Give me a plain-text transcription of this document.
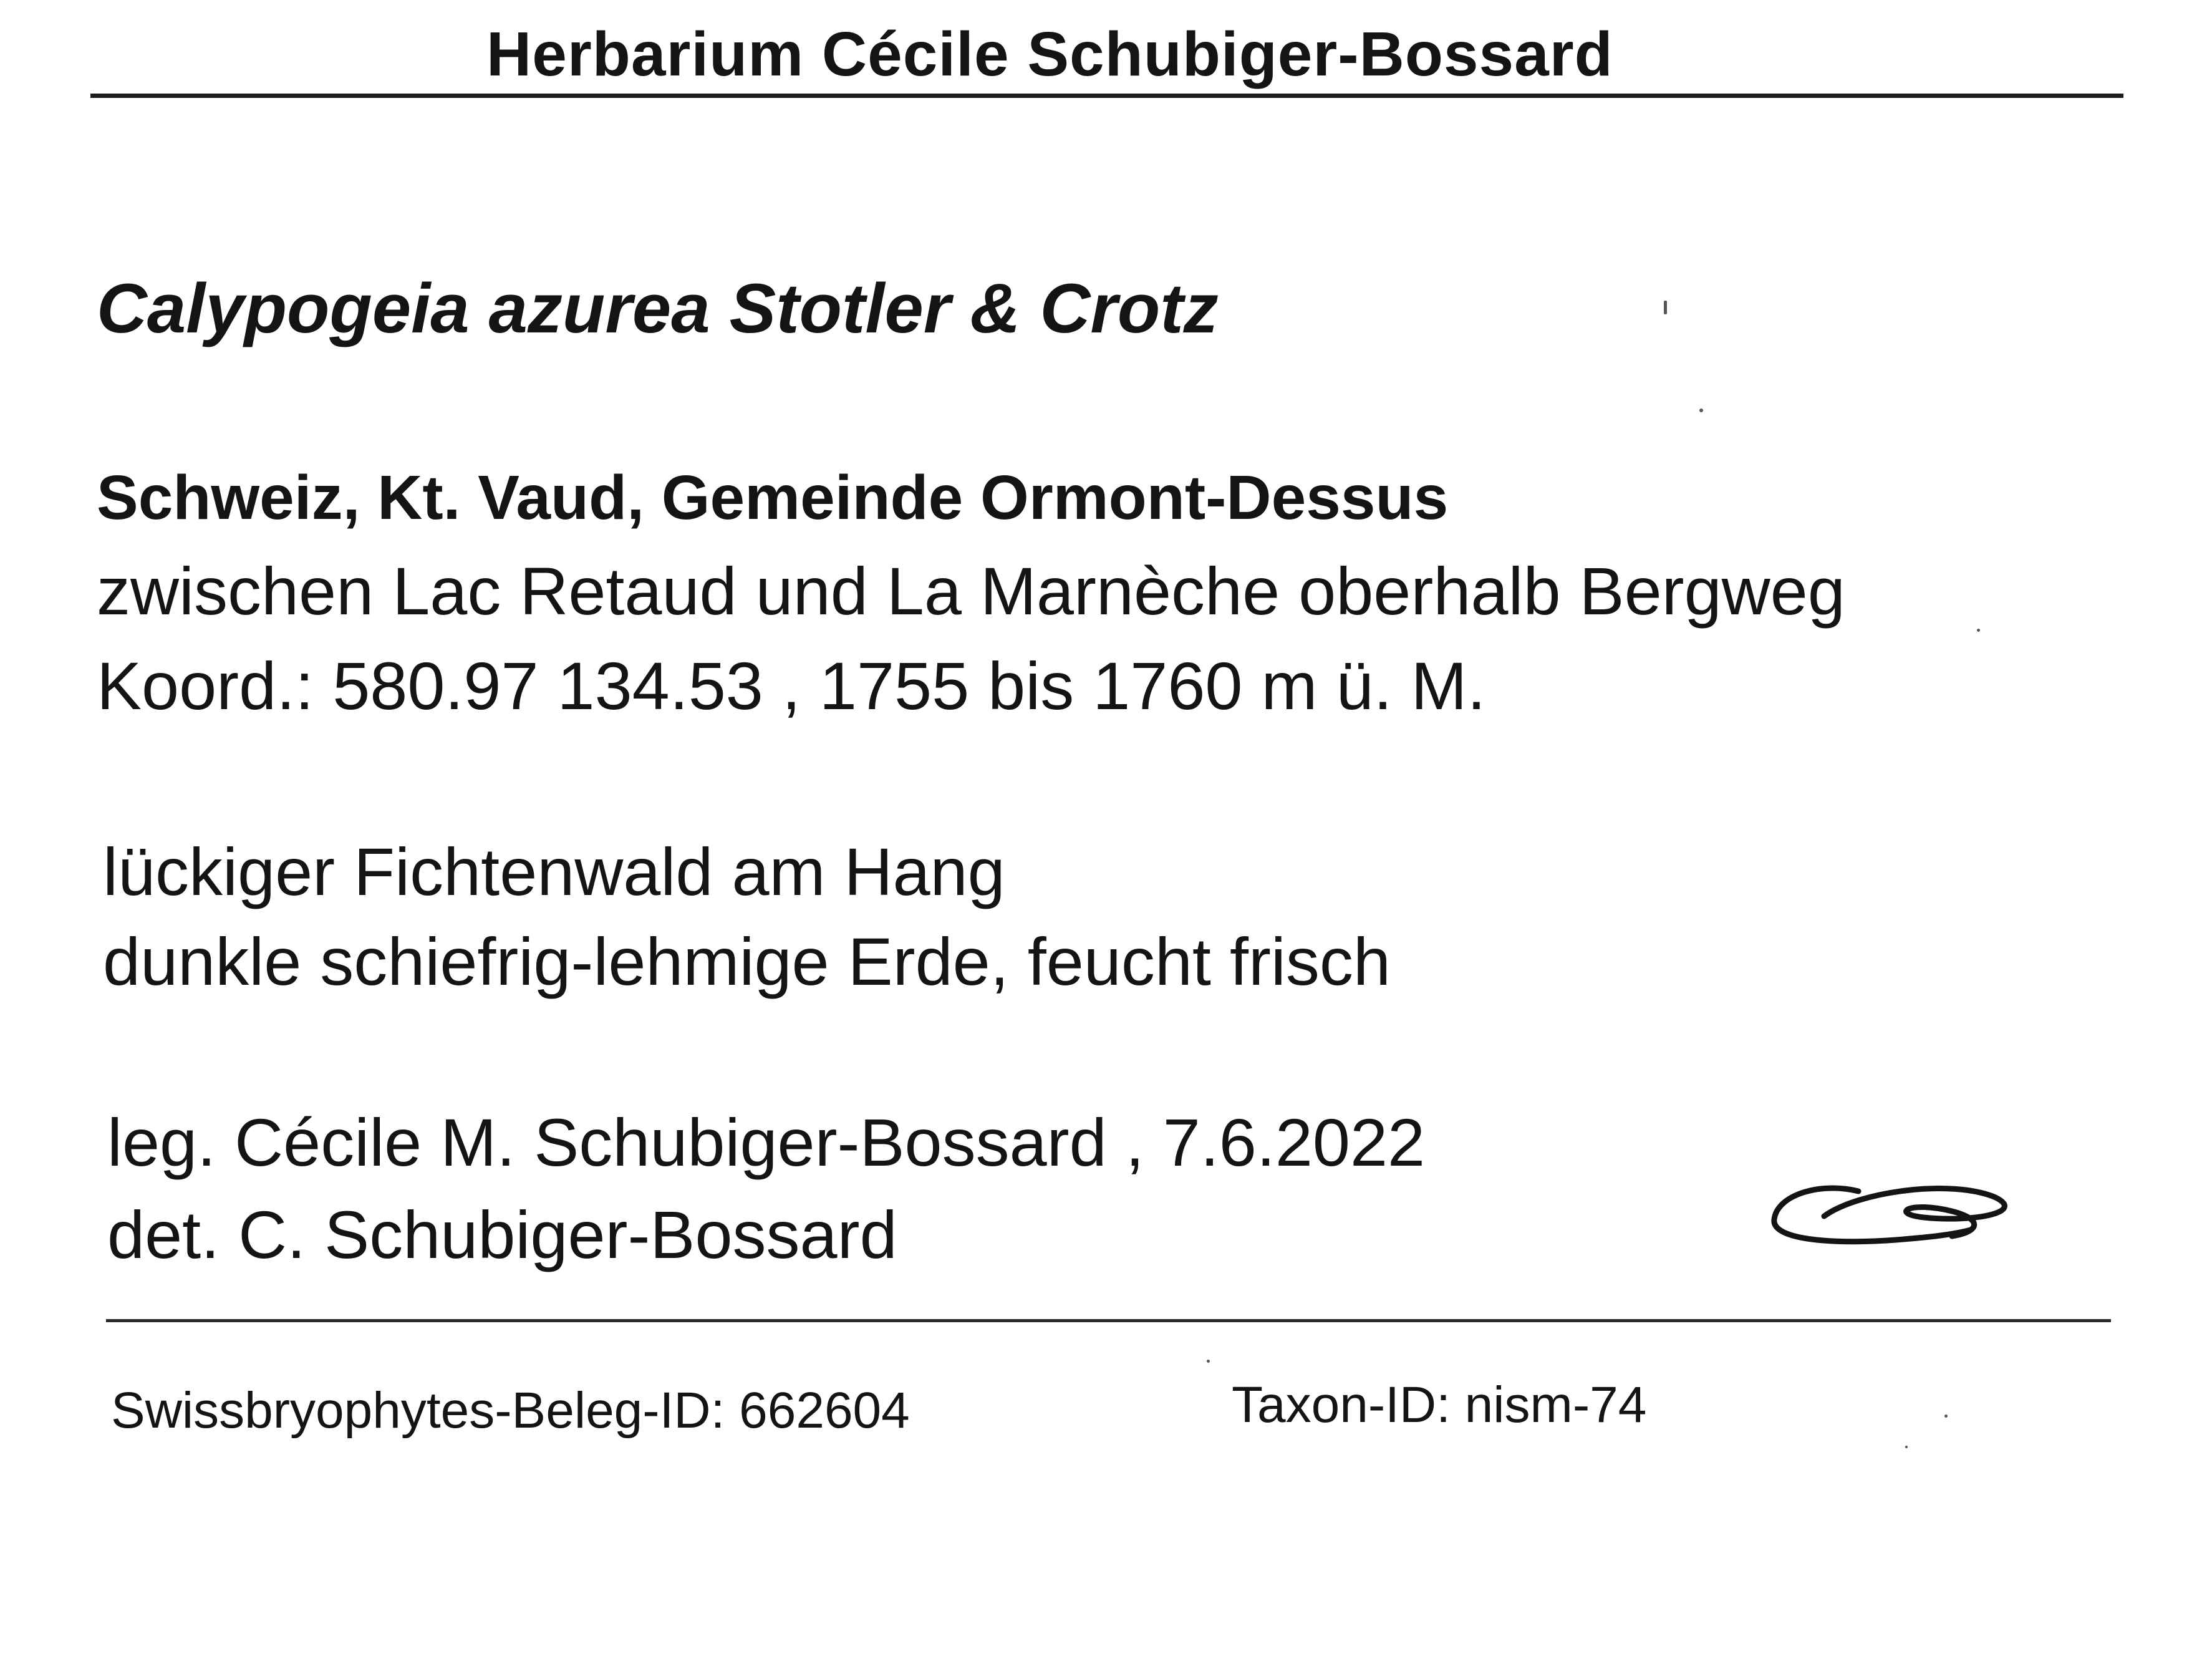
Herbarium Cécile Schubiger-Bossard
Calypogeia azurea Stotler & Crotz
Schweiz, Kt. Vaud, Gemeinde Ormont-Dessus
zwischen Lac Retaud und La Marnèche oberhalb Bergweg
Koord.: 580.97 134.53 , 1755 bis 1760 m ü. M.
lückiger Fichtenwald am Hang
dunkle schiefrig-lehmige Erde, feucht frisch
leg. Cécile M. Schubiger-Bossard , 7.6.2022
det. C. Schubiger-Bossard
Swissbryophytes-Beleg-ID: 662604	Taxon-ID: nism-74
